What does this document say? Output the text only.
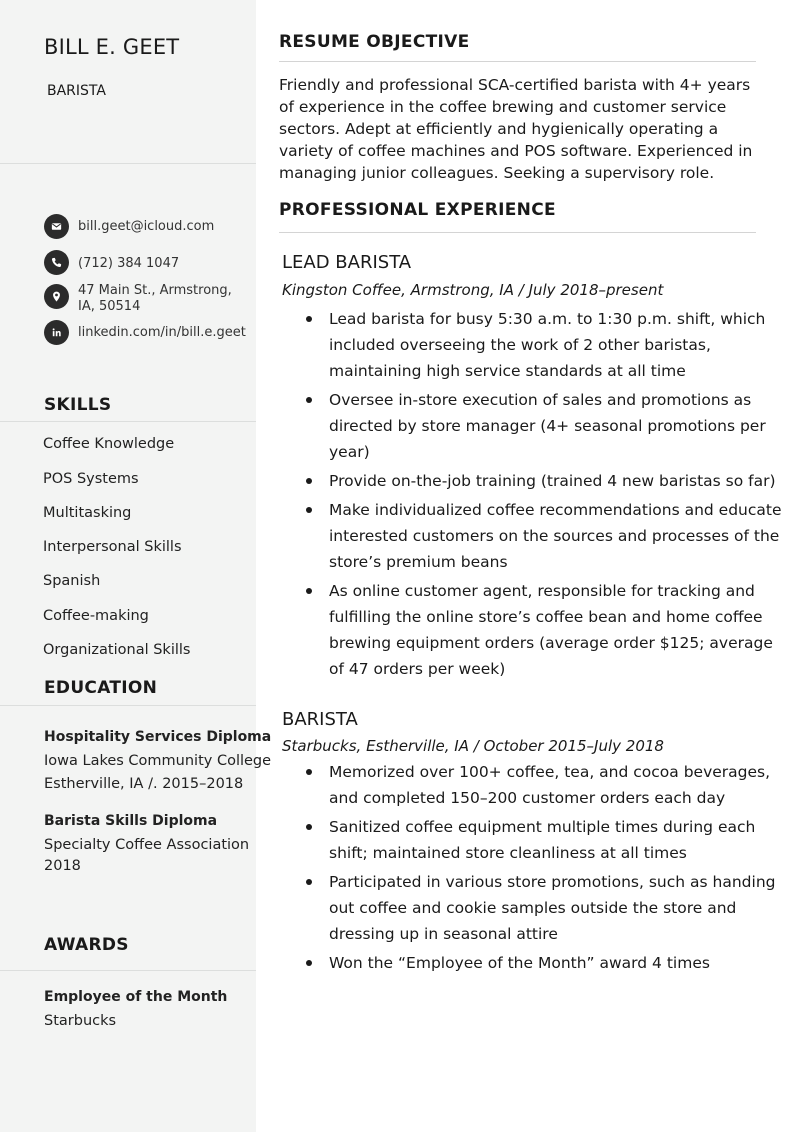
BILL E. GEET
BARISTA
bill.geet@icloud.com
(712) 384 1047
47 Main St., Armstrong,
IA, 50514
linkedin.com/in/bill.e.geet
SKILLS
Coffee Knowledge
POS Systems
Multitasking
Interpersonal Skills
Spanish
Coffee-making
Organizational Skills
EDUCATION
Hospitality Services Diploma
Iowa Lakes Community College
Estherville, IA /. 2015–2018
Barista Skills Diploma
Specialty Coffee Association
2018
AWARDS
Employee of the Month
Starbucks
RESUME OBJECTIVE
Friendly and professional SCA-certified barista with 4+ years of experience in the coffee brewing and customer service sectors. Adept at efficiently and hygienically operating a variety of coffee machines and POS software. Experienced in managing junior colleagues. Seeking a supervisory role.
PROFESSIONAL EXPERIENCE
LEAD BARISTA
Kingston Coffee, Armstrong, IA / July 2018–present
Lead barista for busy 5:30 a.m. to 1:30 p.m. shift, which included overseeing the work of 2 other baristas, maintaining high service standards at all time
Oversee in-store execution of sales and promotions as directed by store manager (4+ seasonal promotions per year)
Provide on-the-job training (trained 4 new baristas so far)
Make individualized coffee recommendations and educate interested customers on the sources and processes of the store’s premium beans
As online customer agent, responsible for tracking and fulfilling the online store’s coffee bean and home coffee brewing equipment orders (average order $125; average of 47 orders per week)
BARISTA
Starbucks, Estherville, IA / October 2015–July 2018
Memorized over 100+ coffee, tea, and cocoa beverages, and completed 150–200 customer orders each day
Sanitized coffee equipment multiple times during each shift; maintained store cleanliness at all times
Participated in various store promotions, such as handing out coffee and cookie samples outside the store and dressing up in seasonal attire
Won the “Employee of the Month” award 4 times
